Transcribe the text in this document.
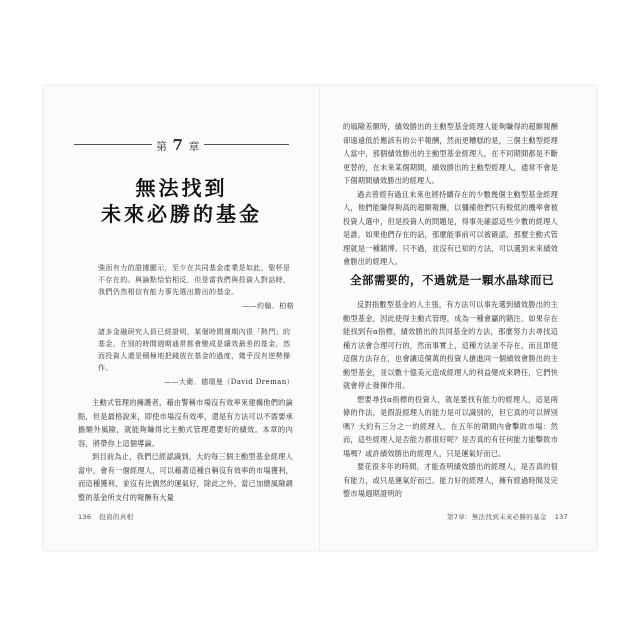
第 7 章
無法找到
未來必勝的基金

強而有力的證據顯示，至少在共同基金產業是如此，聖杯是不存在的。與論點恰恰相反，但是當我們與投資人對話時，我們仍然相信有能力事先選出勝出的基金。

——約翰．柏格

諸多金融研究人員已經證明，某個時間週期內很「熱門」的基金，在別的時間週期通常都會變成是績效最差的基金，然而投資人還是積極地把錢放在基金的過度，幾乎沒有逆勢操作。

——大衛．德瑞曼（David Dreman）

主動式管理的擁護者，藉由警稱市場沒有效率來建構他們的論點，但是最格說來，即使市場沒有效率，還是有方法可以不需要承擔額外風險，就能夠賺得比主動式管理還要好的績效。本章的內容，將帶你上這個導論。

到目前為止，我們已經認識到，大約每三個主動型基金經理人當中，會有一個經理人，可以藉著這種自稱沒有效率的市場獲利，而這種獲利，並沒有比偶然的運氣好，除此之外，當已加總風險調整的基金所支付的報酬有大量

136 投資的真相

的風險差額時，績效勝出的主動型基金經理人能夠賺得的超額報酬卻遠遠低於應該有的公平報酬，然而更糟糕的是，三個主動型經理人當中，那個績效勝出的主動型基金經理人，在不同期間都是不斷更替的，在未來某個期間，績效勝出的主動型經理人，通常不會是下個期間績效勝出的經理人。

過去曾經有過且未來也將持續存在的少數幾個主動型基金經理人，他們能賺得夠高的超額報酬，以彌補他們只有較低的機率會被投資人選中，但是投資人的問題是，得事先確認這些少數的經理人是誰，如果他們存在的話，那麼能事前可以被確認，那麼主動式管理就是一種賭博。只不過，並沒有已知的方法，可以選到未來績效會勝出的經理人。

全部需要的，不過就是一顆水晶球而已

反對指數型基金的人主張，有方法可以事先選到績效勝出的主動型基金，因此使得主動式管理，成為一種會贏的賭注。如果存在能找到有α指標，績效勝出的共同基金的方法，那麼努力去尋找這種方法會合理可行的，然而事實上，這種方法並不存在，而且即使這個方法存在，也會讓這個萬的投資人搶進同一個績效會勝出的主動型基金，並以數十億美元造成經理人的利益變成來聘任，它們快就會停止發揮作用。

想要尋找α指標的投資人，就是要找有能力的經理人，這是兩條的作法，是假設經理人的能力是可以識別的，但它真的可以辨別嗎？大約有三分之一的經理人，在五年的期間內會擊敗市場：然而，這些經理人是否能力都很好呢？是否真的有任何能力能擊敗市場嗎？或許績效勝出的經理人，只是運氣好而已。

要花很多年的時間，才能查明績效勝出的經理人，是否真的很有能力，或只是運氣好而已。能力好的經理人，擁有經過時間及完整市場週期證明的

第7章：無法找到未來必勝的基金 137
